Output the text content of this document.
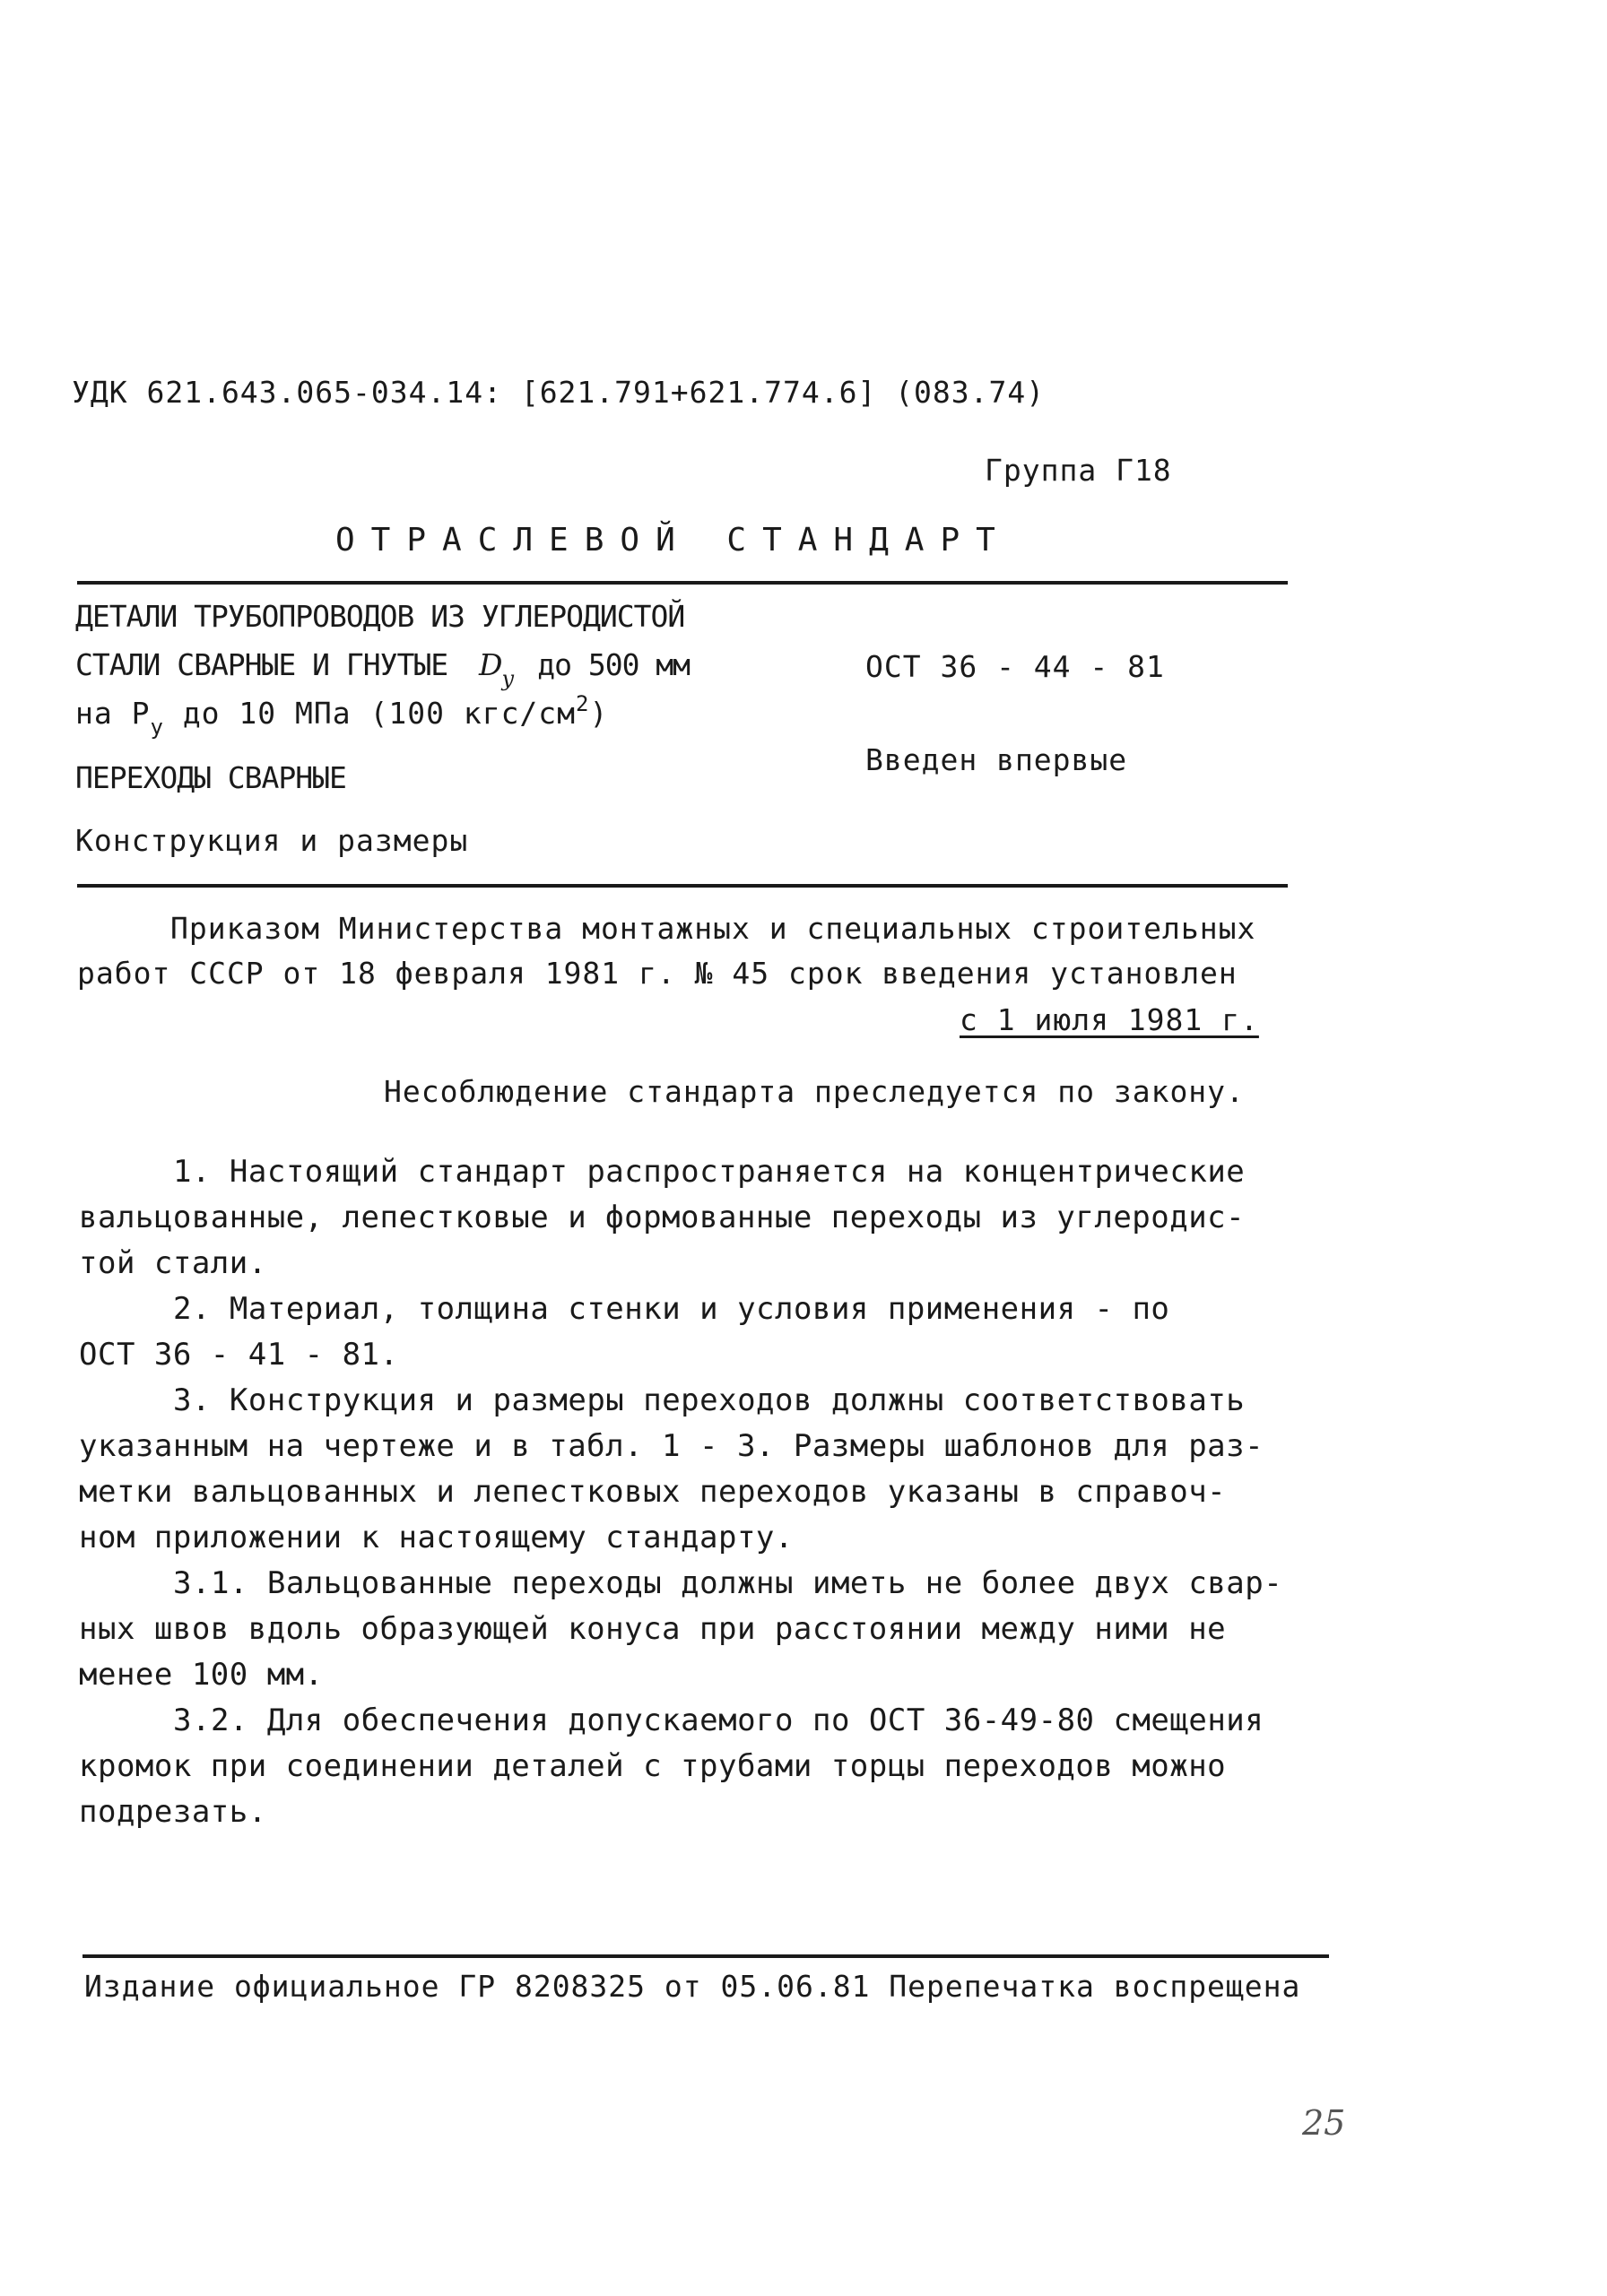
УДК 621.643.065-034.14: [621.791+621.774.6] (083.74)
Группа Г18
ОТРАСЛЕВОЙ СТАНДАРТ
ДЕТАЛИ ТРУБОПРОВОДОВ ИЗ УГЛЕРОДИСТОЙ
СТАЛИ СВАРНЫЕ И ГНУТЫЕ $D_у$ до 500 мм
на $P_у$ до 10 МПа (100 кгс/$см^2$)
ПЕРЕХОДЫ СВАРНЫЕ
Конструкция и размеры
ОСТ 36 - 44 - 81
Введен впервые
Приказом Министерства монтажных и специальных строительных
работ СССР от 18 февраля 1981 г. № 45 срок введения установлен
с 1 июля 1981 г.
Несоблюдение стандарта преследуется по закону.
1. Настоящий стандарт распространяется на концентрические
вальцованные, лепестковые и формованные переходы из углеродис-
той стали.
2. Материал, толщина стенки и условия применения - по
ОСТ 36 - 41 - 81.
3. Конструкция и размеры переходов должны соответствовать
указанным на чертеже и в табл. 1 - 3. Размеры шаблонов для раз-
метки вальцованных и лепестковых переходов указаны в справоч-
ном приложении к настоящему стандарту.
3.1. Вальцованные переходы должны иметь не более двух свар-
ных швов вдоль образующей конуса при расстоянии между ними не
менее 100 мм.
3.2. Для обеспечения допускаемого по ОСТ 36-49-80 смещения
кромок при соединении деталей с трубами торцы переходов можно
подрезать.
Издание официальное ГР 8208325 от 05.06.81 Перепечатка воспрещена
25
